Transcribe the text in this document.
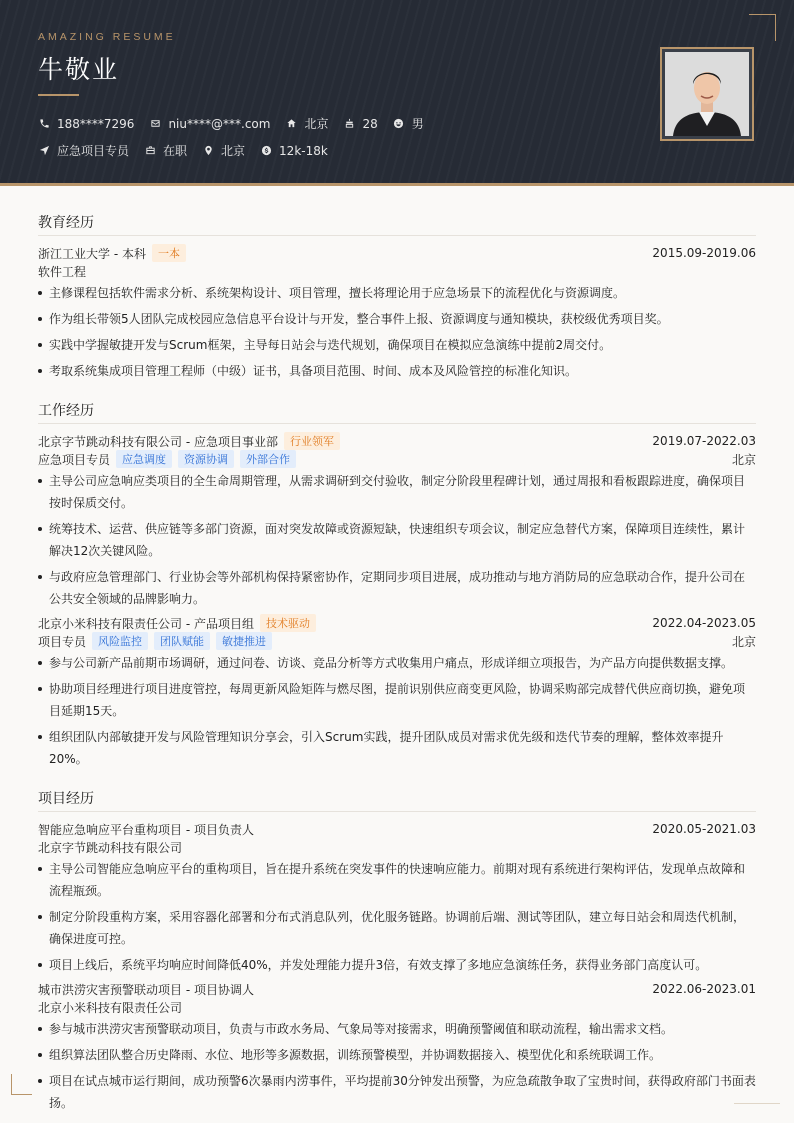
AMAZING RESUME
牛敬业
188****7296	niu****@***.com	北京	28	男
应急项目专员	在职	北京	12k-18k
教育经历
浙江工业大学 - 本科	一本	2015.09-2019.06
软件工程
主修课程包括软件需求分析、系统架构设计、项目管理，擅长将理论用于应急场景下的流程优化与资源调度。
作为组长带领5人团队完成校园应急信息平台设计与开发，整合事件上报、资源调度与通知模块，获校级优秀项目奖。
实践中学握敏捷开发与Scrum框架，主导每日站会与迭代规划，确保项目在模拟应急演练中提前2周交付。
考取系统集成项目管理工程师（中级）证书，具备项目范围、时间、成本及风险管控的标准化知识。
工作经历
北京字节跳动科技有限公司 - 应急项目事业部	行业领军	2019.07-2022.03
应急项目专员	应急调度	资源协调	外部合作	北京
主导公司应急响应类项目的全生命周期管理，从需求调研到交付验收，制定分阶段里程碑计划，通过周报和看板跟踪进度，确保项目按时保质交付。
统筹技术、运营、供应链等多部门资源，面对突发故障或资源短缺，快速组织专项会议，制定应急替代方案，保障项目连续性，累计解决12次关键风险。
与政府应急管理部门、行业协会等外部机构保持紧密协作，定期同步项目进展，成功推动与地方消防局的应急联动合作，提升公司在公共安全领域的品牌影响力。
北京小米科技有限责任公司 - 产品项目组	技术驱动	2022.04-2023.05
项目专员	风险监控	团队赋能	敏捷推进	北京
参与公司新产品前期市场调研，通过问卷、访谈、竞品分析等方式收集用户痛点，形成详细立项报告，为产品方向提供数据支撑。
协助项目经理进行项目进度管控，每周更新风险矩阵与燃尽图，提前识别供应商变更风险，协调采购部完成替代供应商切换，避免项目延期15天。
组织团队内部敏捷开发与风险管理知识分享会，引入Scrum实践，提升团队成员对需求优先级和迭代节奏的理解，整体效率提升20%。
项目经历
智能应急响应平台重构项目 - 项目负责人	2020.05-2021.03
北京字节跳动科技有限公司
主导公司智能应急响应平台的重构项目，旨在提升系统在突发事件的快速响应能力。前期对现有系统进行架构评估，发现单点故障和流程瓶颈。
制定分阶段重构方案，采用容器化部署和分布式消息队列，优化服务链路。协调前后端、测试等团队，建立每日站会和周迭代机制，确保进度可控。
项目上线后，系统平均响应时间降低40%，并发处理能力提升3倍，有效支撑了多地应急演练任务，获得业务部门高度认可。
城市洪涝灾害预警联动项目 - 项目协调人	2022.06-2023.01
北京小米科技有限责任公司
参与城市洪涝灾害预警联动项目，负责与市政水务局、气象局等对接需求，明确预警阈值和联动流程，输出需求文档。
组织算法团队整合历史降雨、水位、地形等多源数据，训练预警模型，并协调数据接入、模型优化和系统联调工作。
项目在试点城市运行期间，成功预警6次暴雨内涝事件，平均提前30分钟发出预警，为应急疏散争取了宝贵时间，获得政府部门书面表扬。
